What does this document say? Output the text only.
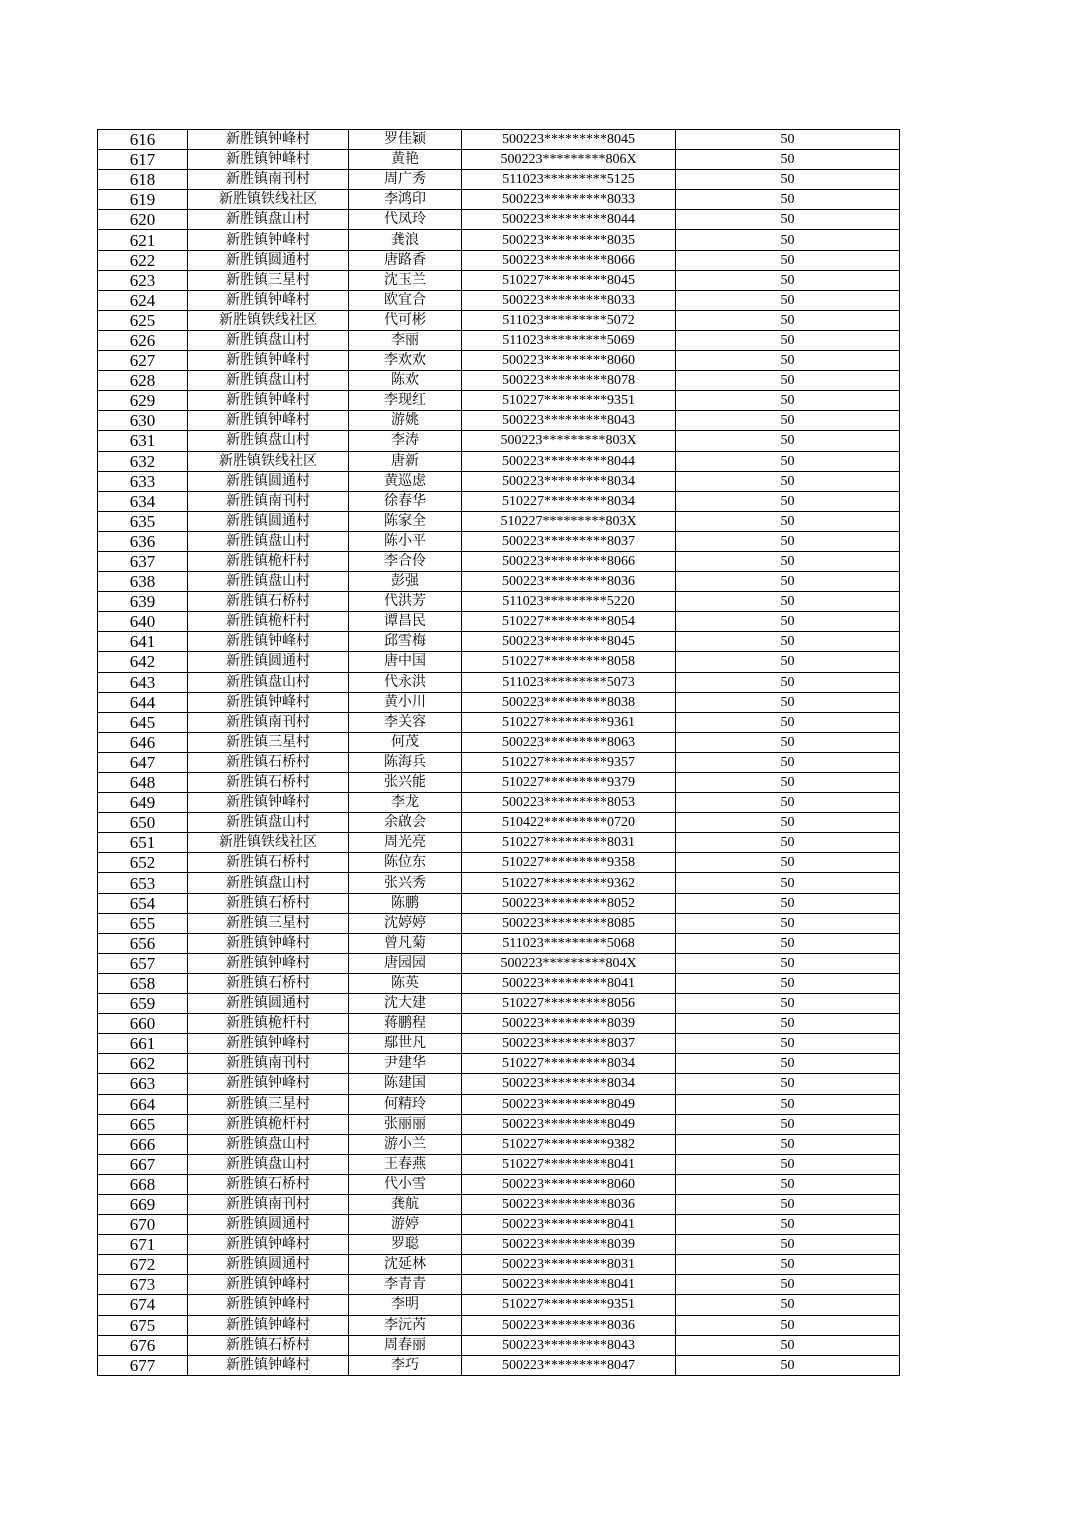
616	新胜镇钟峰村	罗佳颖	500223*********8045	50
617	新胜镇钟峰村	黄艳	500223*********806X	50
618	新胜镇南刊村	周广秀	511023*********5125	50
619	新胜镇铁线社区	李鸿印	500223*********8033	50
620	新胜镇盘山村	代凤玲	500223*********8044	50
621	新胜镇钟峰村	龚浪	500223*********8035	50
622	新胜镇圆通村	唐路香	500223*********8066	50
623	新胜镇三星村	沈玉兰	510227*********8045	50
624	新胜镇钟峰村	欧宜合	500223*********8033	50
625	新胜镇铁线社区	代可彬	511023*********5072	50
626	新胜镇盘山村	李丽	511023*********5069	50
627	新胜镇钟峰村	李欢欢	500223*********8060	50
628	新胜镇盘山村	陈欢	500223*********8078	50
629	新胜镇钟峰村	李现红	510227*********9351	50
630	新胜镇钟峰村	游姚	500223*********8043	50
631	新胜镇盘山村	李涛	500223*********803X	50
632	新胜镇铁线社区	唐新	500223*********8044	50
633	新胜镇圆通村	黄巡虑	500223*********8034	50
634	新胜镇南刊村	徐春华	510227*********8034	50
635	新胜镇圆通村	陈家全	510227*********803X	50
636	新胜镇盘山村	陈小平	500223*********8037	50
637	新胜镇桅杆村	李合伶	500223*********8066	50
638	新胜镇盘山村	彭强	500223*********8036	50
639	新胜镇石桥村	代洪芳	511023*********5220	50
640	新胜镇桅杆村	谭昌民	510227*********8054	50
641	新胜镇钟峰村	邱雪梅	500223*********8045	50
642	新胜镇圆通村	唐中国	510227*********8058	50
643	新胜镇盘山村	代永洪	511023*********5073	50
644	新胜镇钟峰村	黄小川	500223*********8038	50
645	新胜镇南刊村	李关容	510227*********9361	50
646	新胜镇三星村	何茂	500223*********8063	50
647	新胜镇石桥村	陈海兵	510227*********9357	50
648	新胜镇石桥村	张兴能	510227*********9379	50
649	新胜镇钟峰村	李龙	500223*********8053	50
650	新胜镇盘山村	余啟会	510422*********0720	50
651	新胜镇铁线社区	周光亮	510227*********8031	50
652	新胜镇石桥村	陈位东	510227*********9358	50
653	新胜镇盘山村	张兴秀	510227*********9362	50
654	新胜镇石桥村	陈鹏	500223*********8052	50
655	新胜镇三星村	沈婷婷	500223*********8085	50
656	新胜镇钟峰村	曾凡菊	511023*********5068	50
657	新胜镇钟峰村	唐园园	500223*********804X	50
658	新胜镇石桥村	陈英	500223*********8041	50
659	新胜镇圆通村	沈大建	510227*********8056	50
660	新胜镇桅杆村	蒋鹏程	500223*********8039	50
661	新胜镇钟峰村	鄢世凡	500223*********8037	50
662	新胜镇南刊村	尹建华	510227*********8034	50
663	新胜镇钟峰村	陈建国	500223*********8034	50
664	新胜镇三星村	何精玲	500223*********8049	50
665	新胜镇桅杆村	张丽丽	500223*********8049	50
666	新胜镇盘山村	游小兰	510227*********9382	50
667	新胜镇盘山村	王春燕	510227*********8041	50
668	新胜镇石桥村	代小雪	500223*********8060	50
669	新胜镇南刊村	龚航	500223*********8036	50
670	新胜镇圆通村	游婷	500223*********8041	50
671	新胜镇钟峰村	罗聪	500223*********8039	50
672	新胜镇圆通村	沈延林	500223*********8031	50
673	新胜镇钟峰村	李青青	500223*********8041	50
674	新胜镇钟峰村	李明	510227*********9351	50
675	新胜镇钟峰村	李沅芮	500223*********8036	50
676	新胜镇石桥村	周春丽	500223*********8043	50
677	新胜镇钟峰村	李巧	500223*********8047	50
